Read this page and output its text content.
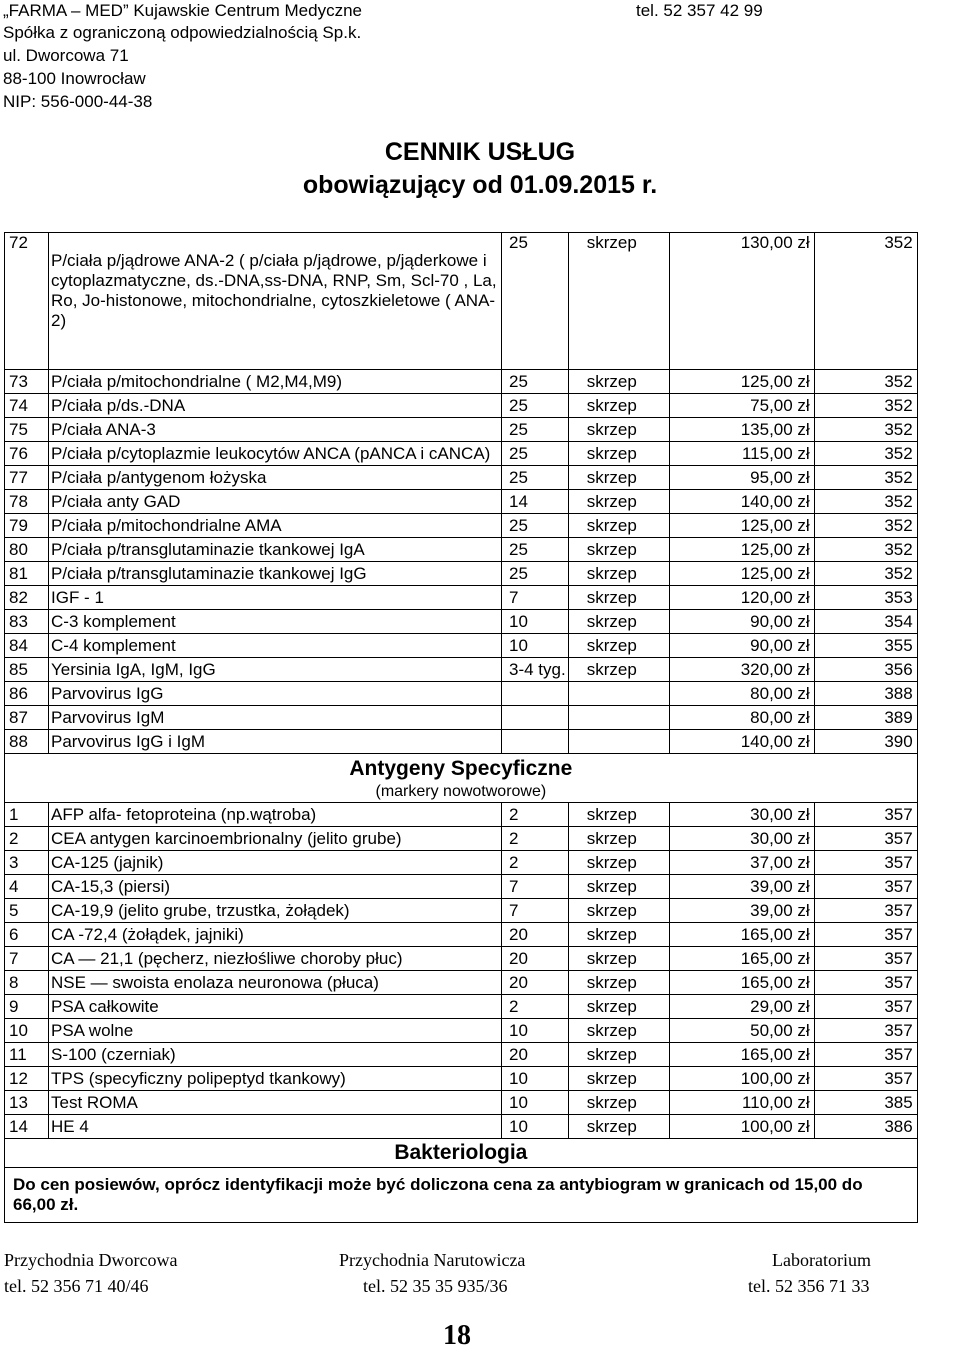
„FARMA – MED” Kujawskie Centrum Medyczne	tel. 52 357 42 99
Spółka z ograniczoną odpowiedzialnością Sp.k.
ul. Dworcowa 71
88-100 Inowrocław
NIP: 556-000-44-38
CENNIK USŁUG
obowiązujący od 01.09.2015 r.
72	P/ciała p/jądrowe ANA-2 ( p/ciała p/jądrowe, p/jąderkowe i cytoplazmatyczne, ds.-DNA,ss-DNA, RNP, Sm, Scl-70 , La, Ro, Jo-histonowe, mitochondrialne, cytoszkieletowe ( ANA-2)	25	skrzep	130,00 zł	352
73	P/ciała p/mitochondrialne ( M2,M4,M9)	25	skrzep	125,00 zł	352
74	P/ciała p/ds.-DNA	25	skrzep	75,00 zł	352
75	P/ciała ANA-3	25	skrzep	135,00 zł	352
76	P/ciała p/cytoplazmie leukocytów ANCA (pANCA i cANCA)	25	skrzep	115,00 zł	352
77	P/ciała p/antygenom łożyska	25	skrzep	95,00 zł	352
78	P/ciała anty GAD	14	skrzep	140,00 zł	352
79	P/ciała p/mitochondrialne AMA	25	skrzep	125,00 zł	352
80	P/ciała p/transglutaminazie tkankowej IgA	25	skrzep	125,00 zł	352
81	P/ciała p/transglutaminazie tkankowej IgG	25	skrzep	125,00 zł	352
82	IGF - 1	7	skrzep	120,00 zł	353
83	C-3 komplement	10	skrzep	90,00 zł	354
84	C-4 komplement	10	skrzep	90,00 zł	355
85	Yersinia IgA, IgM, IgG	3-4 tyg.	skrzep	320,00 zł	356
86	Parvovirus IgG			80,00 zł	388
87	Parvovirus IgM			80,00 zł	389
88	Parvovirus IgG i IgM			140,00 zł	390

Antygeny Specyficzne
(markery nowotworowe)					

1	AFP alfa- fetoproteina (np.wątroba)	2	skrzep	30,00 zł	357
2	CEA antygen karcinoembrionalny (jelito grube)	2	skrzep	30,00 zł	357
3	CA-125 (jajnik)	2	skrzep	37,00 zł	357
4	CA-15,3 (piersi)	7	skrzep	39,00 zł	357
5	CA-19,9 (jelito grube, trzustka, żołądek)	7	skrzep	39,00 zł	357
6	CA -72,4 (żołądek, jajniki)	20	skrzep	165,00 zł	357
7	CA — 21,1 (pęcherz, niezłośliwe choroby płuc)	20	skrzep	165,00 zł	357
8	NSE — swoista enolaza neuronowa (płuca)	20	skrzep	165,00 zł	357
9	PSA całkowite	2	skrzep	29,00 zł	357
10	PSA wolne	10	skrzep	50,00 zł	357
11	S-100 (czerniak)	20	skrzep	165,00 zł	357
12	TPS (specyficzny polipeptyd tkankowy)	10	skrzep	100,00 zł	357
13	Test ROMA	10	skrzep	110,00 zł	385
14	HE 4	10	skrzep	100,00 zł	386

Bakteriologia					

Do cen posiewów, oprócz identyfikacji może być doliczona cena za antybiogram w granicach od 15,00 do 66,00 zł.					
Przychodnia Dworcowa
tel. 52 356 71 40/46
Przychodnia Narutowicza
tel. 52 35 35 935/36
Laboratorium
tel. 52 356 71 33
18
